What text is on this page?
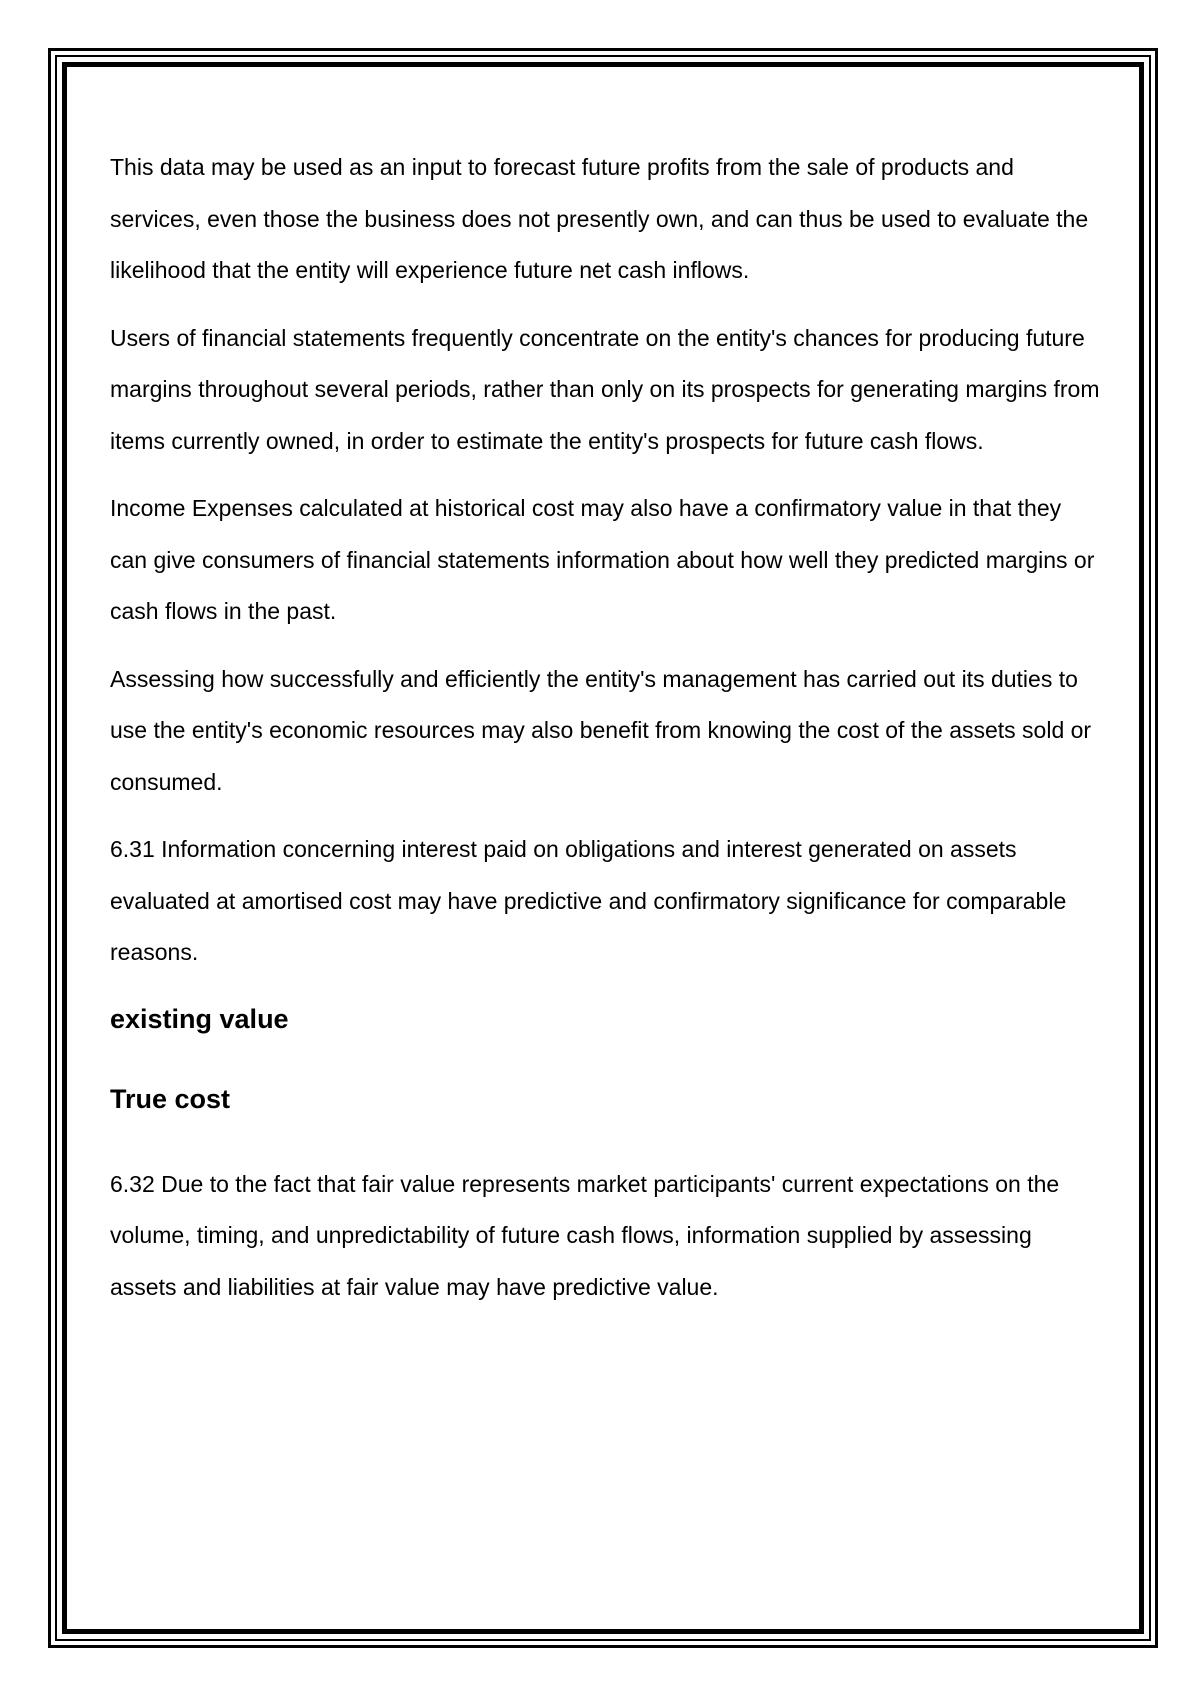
This data may be used as an input to forecast future profits from the sale of products and services, even those the business does not presently own, and can thus be used to evaluate the likelihood that the entity will experience future net cash inflows.

Users of financial statements frequently concentrate on the entity's chances for producing future margins throughout several periods, rather than only on its prospects for generating margins from items currently owned, in order to estimate the entity's prospects for future cash flows.

Income Expenses calculated at historical cost may also have a confirmatory value in that they can give consumers of financial statements information about how well they predicted margins or cash flows in the past.

Assessing how successfully and efficiently the entity's management has carried out its duties to use the entity's economic resources may also benefit from knowing the cost of the assets sold or consumed.

6.31 Information concerning interest paid on obligations and interest generated on assets evaluated at amortised cost may have predictive and confirmatory significance for comparable reasons.

existing value
True cost

6.32 Due to the fact that fair value represents market participants' current expectations on the volume, timing, and unpredictability of future cash flows, information supplied by assessing assets and liabilities at fair value may have predictive value.
